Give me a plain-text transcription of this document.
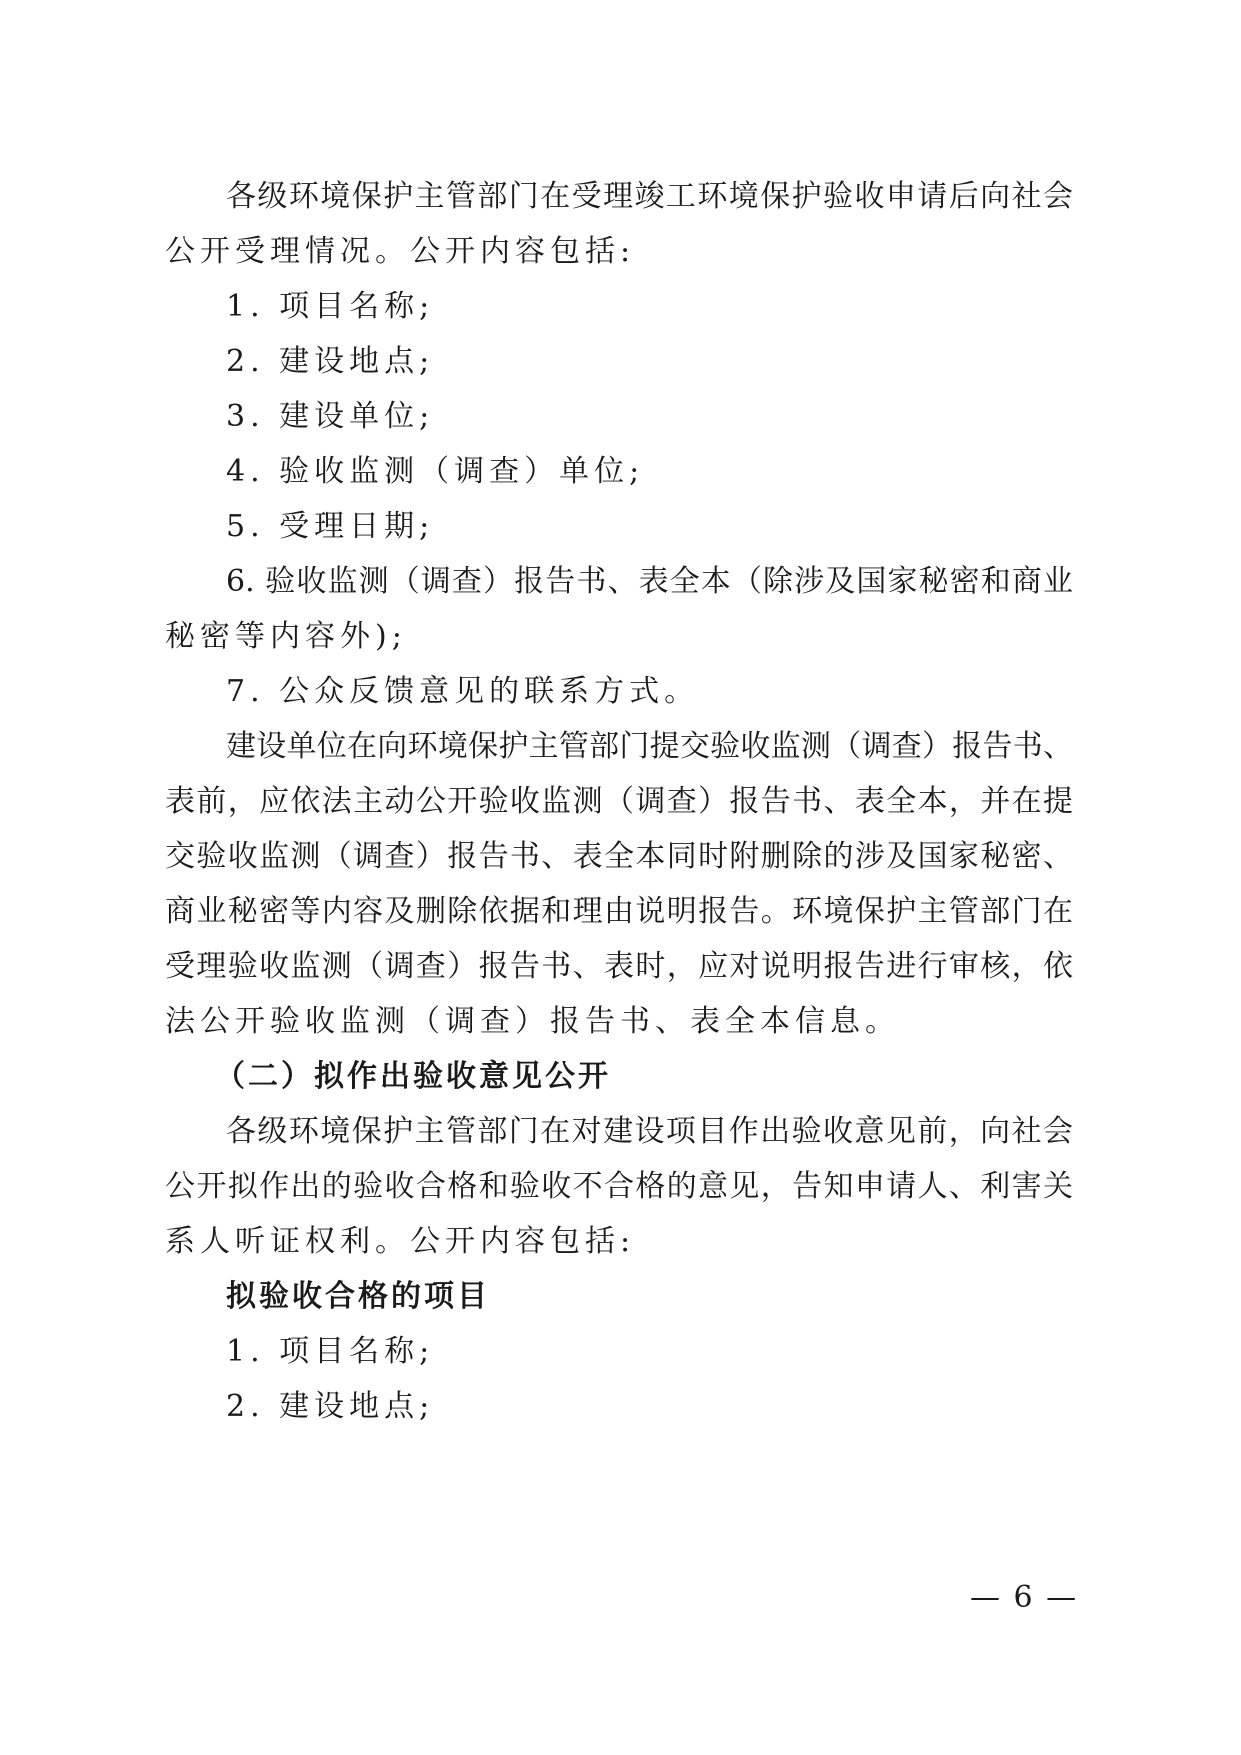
各级环境保护主管部门在受理竣工环境保护验收申请后向社会
公开受理情况。公开内容包括:
1. 项目名称;
2. 建设地点;
3. 建设单位;
4. 验收监测（调查）单位;
5. 受理日期;
6. 验收监测（调查）报告书、表全本（除涉及国家秘密和商业
秘密等内容外);
7. 公众反馈意见的联系方式。
建设单位在向环境保护主管部门提交验收监测（调查）报告书、
表前，应依法主动公开验收监测（调查）报告书、表全本，并在提
交验收监测（调查）报告书、表全本同时附删除的涉及国家秘密、
商业秘密等内容及删除依据和理由说明报告。环境保护主管部门在
受理验收监测（调查）报告书、表时，应对说明报告进行审核，依
法公开验收监测（调查）报告书、表全本信息。
（二）拟作出验收意见公开
各级环境保护主管部门在对建设项目作出验收意见前，向社会
公开拟作出的验收合格和验收不合格的意见，告知申请人、利害关
系人听证权利。公开内容包括:
拟验收合格的项目
1. 项目名称;
2. 建设地点;
— 6 —
